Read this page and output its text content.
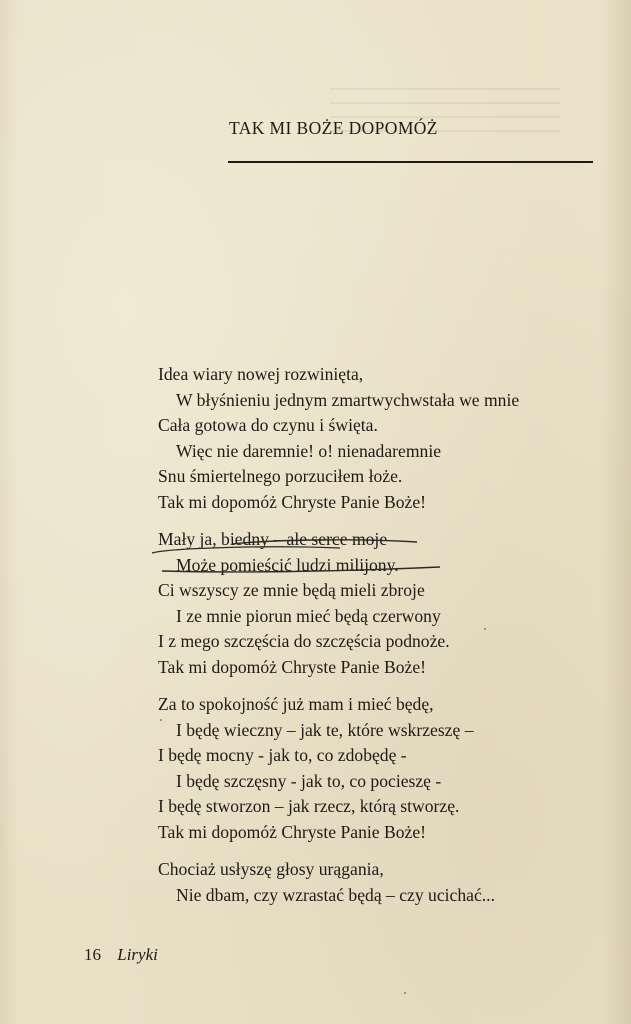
TAK MI BOŻE DOPOMÓŻ
Idea wiary nowej rozwinięta,
W błyśnieniu jednym zmartwychwstała we mnie
Cała gotowa do czynu i święta.
Więc nie daremnie! o! nienadaremnie
Snu śmiertelnego porzuciłem łoże.
Tak mi dopomóż Chryste Panie Boże!
Mały ja, biedny – ale serce moje
Może pomieścić ludzi milijony.
Ci wszyscy ze mnie będą mieli zbroje
I ze mnie piorun mieć będą czerwony
I z mego szczęścia do szczęścia podnoże.
Tak mi dopomóż Chryste Panie Boże!
Za to spokojność już mam i mieć będę,
I będę wieczny – jak te, które wskrzeszę –
I będę mocny - jak to, co zdobędę -
I będę szczęsny - jak to, co pocieszę -
I będę stworzon – jak rzecz, którą stworzę.
Tak mi dopomóż Chryste Panie Boże!
Chociaż usłyszę głosy urągania,
Nie dbam, czy wzrastać będą – czy ucichać...
16 Liryki
